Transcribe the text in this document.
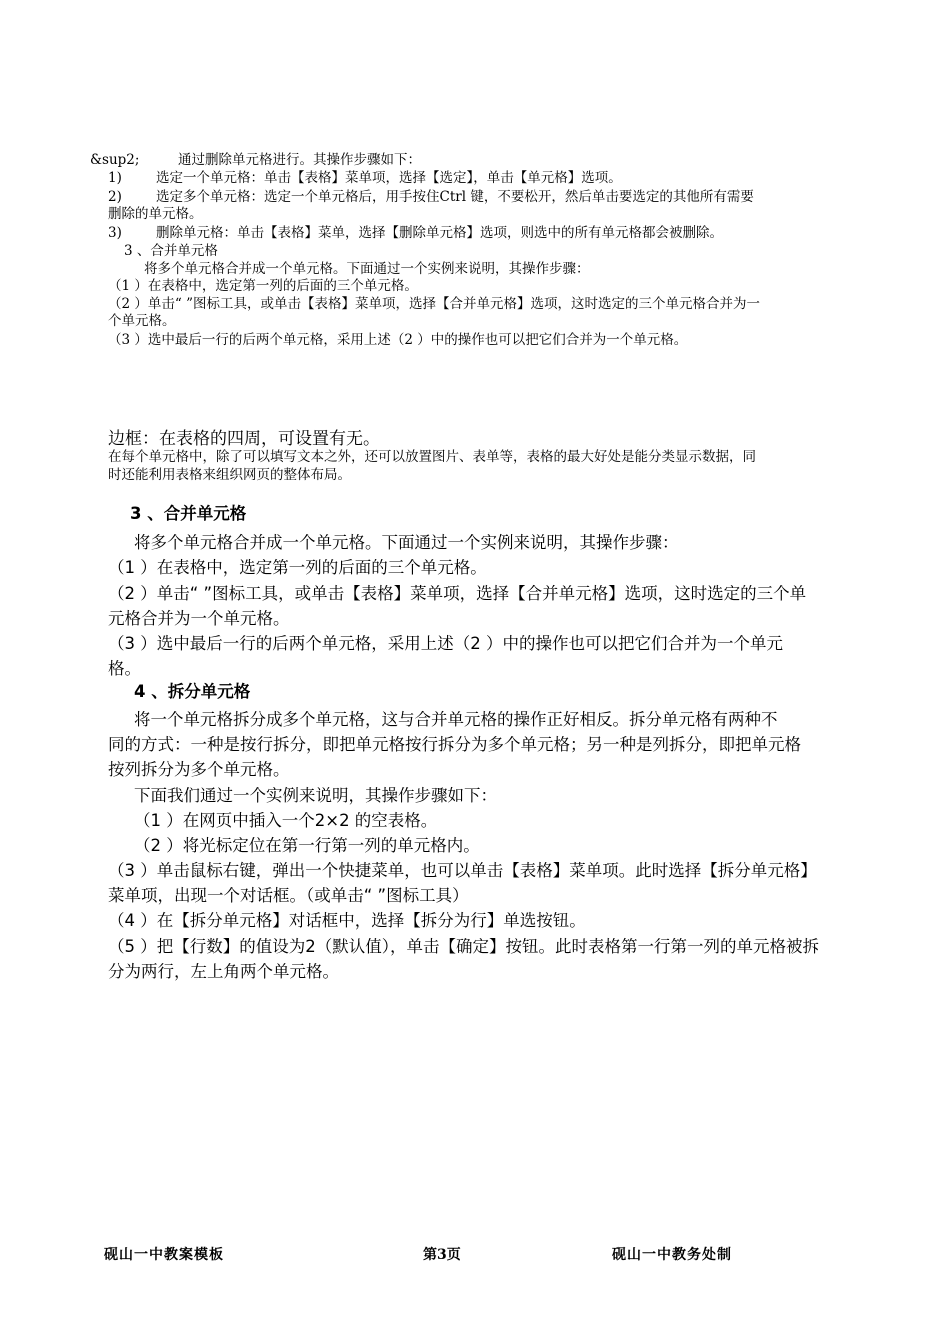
&sup2;	通过删除单元格进行。其操作步骤如下：
1)	选定一个单元格：单击【表格】菜单项，选择【选定】，单击【单元格】选项。
2)	选定多个单元格：选定一个单元格后，用手按住Ctrl 键，不要松开，然后单击要选定的其他所有需要
删除的单元格。
3)	删除单元格：单击【表格】菜单，选择【删除单元格】选项，则选中的所有单元格都会被删除。
3 、合并单元格
将多个单元格合并成一个单元格。下面通过一个实例来说明，其操作步骤：
（1 ）在表格中，选定第一列的后面的三个单元格。
（2 ）单击“ ”图标工具，或单击【表格】菜单项，选择【合并单元格】选项，这时选定的三个单元格合并为一
个单元格。
（3 ）选中最后一行的后两个单元格，采用上述（2 ）中的操作也可以把它们合并为一个单元格。
边框：在表格的四周，可设置有无。
在每个单元格中，除了可以填写文本之外，还可以放置图片、表单等，表格的最大好处是能分类显示数据，同
时还能利用表格来组织网页的整体布局。
3 、合并单元格
将多个单元格合并成一个单元格。下面通过一个实例来说明，其操作步骤：
（1 ）在表格中，选定第一列的后面的三个单元格。
（2 ）单击“ ”图标工具，或单击【表格】菜单项，选择【合并单元格】选项，这时选定的三个单
元格合并为一个单元格。
（3 ）选中最后一行的后两个单元格，采用上述（2 ）中的操作也可以把它们合并为一个单元
格。
4 、拆分单元格
将一个单元格拆分成多个单元格，这与合并单元格的操作正好相反。拆分单元格有两种不
同的方式：一种是按行拆分，即把单元格按行拆分为多个单元格；另一种是列拆分，即把单元格
按列拆分为多个单元格。
下面我们通过一个实例来说明，其操作步骤如下：
（1 ）在网页中插入一个2×2 的空表格。
（2 ）将光标定位在第一行第一列的单元格内。
（3 ）单击鼠标右键，弹出一个快捷菜单，也可以单击【表格】菜单项。此时选择【拆分单元格】
菜单项，出现一个对话框。（或单击“ ”图标工具）
（4 ）在【拆分单元格】对话框中，选择【拆分为行】单选按钮。
（5 ）把【行数】的值设为2（默认值），单击【确定】按钮。此时表格第一行第一列的单元格被拆
分为两行，左上角两个单元格。
砚山一中教案模板	第3页	砚山一中教务处制
